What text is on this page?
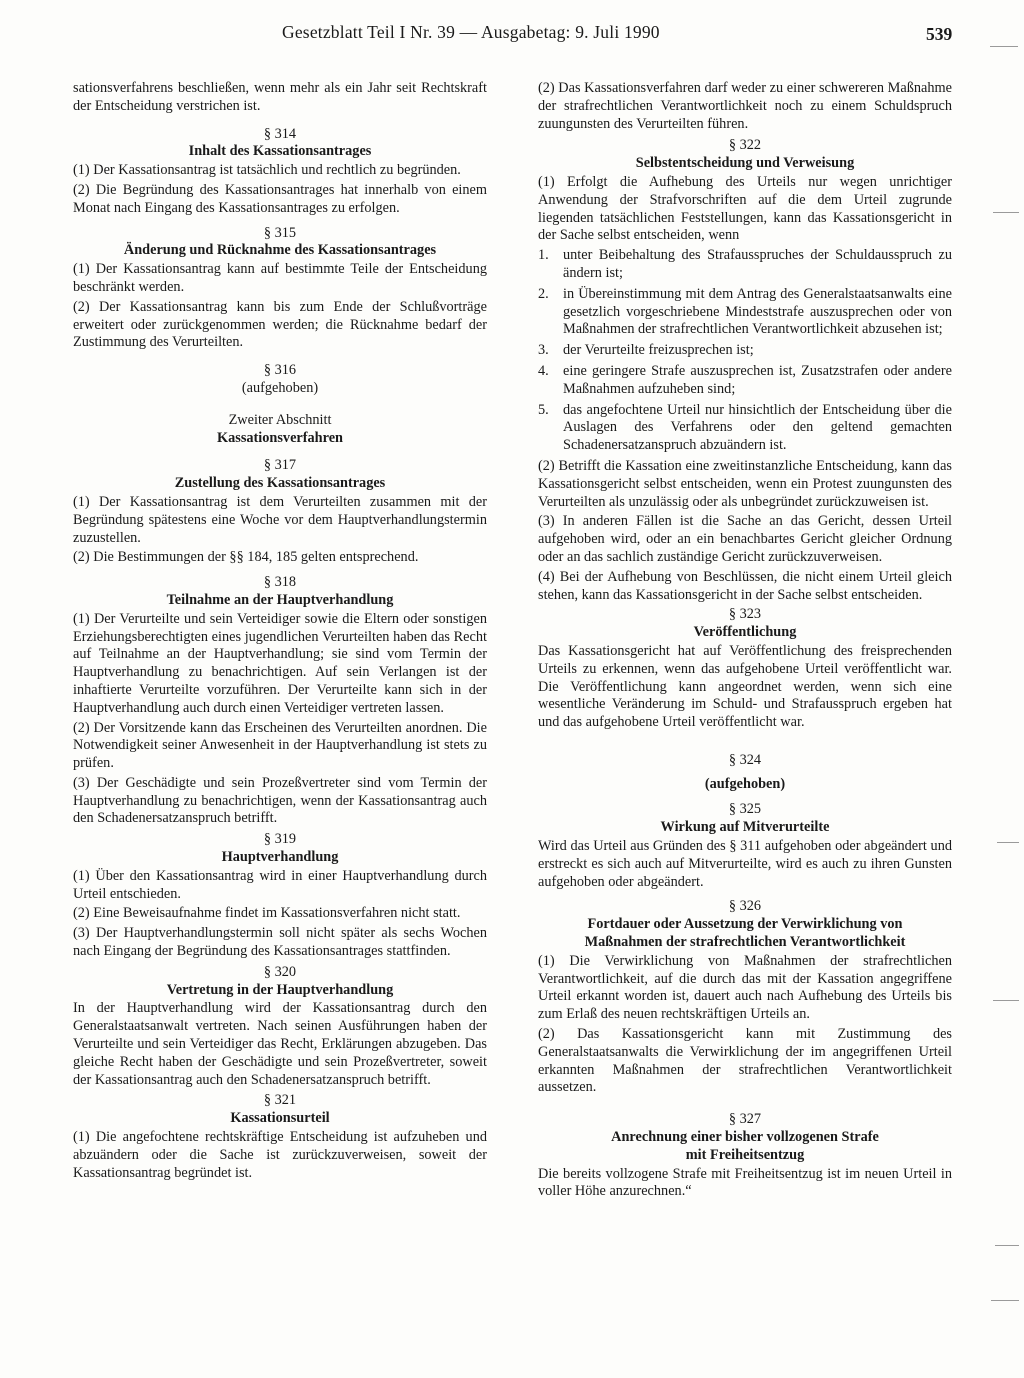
Gesetzblatt Teil I Nr. 39 — Ausgabetag: 9. Juli 1990	539

sationsverfahrens beschließen, wenn mehr als ein Jahr seit Rechtskraft der Entscheidung verstrichen ist.

§ 314
Inhalt des Kassationsantrages

(1) Der Kassationsantrag ist tatsächlich und rechtlich zu begründen.

(2) Die Begründung des Kassationsantrages hat innerhalb von einem Monat nach Eingang des Kassationsantrages zu erfolgen.

§ 315
Änderung und Rücknahme des Kassationsantrages

(1) Der Kassationsantrag kann auf bestimmte Teile der Entscheidung beschränkt werden.

(2) Der Kassationsantrag kann bis zum Ende der Schlußvorträge erweitert oder zurückgenommen werden; die Rücknahme bedarf der Zustimmung des Verurteilten.

§ 316
(aufgehoben)
Zweiter Abschnitt
Kassationsverfahren
§ 317
Zustellung des Kassationsantrages

(1) Der Kassationsantrag ist dem Verurteilten zusammen mit der Begründung spätestens eine Woche vor dem Hauptverhandlungstermin zuzustellen.

(2) Die Bestimmungen der §§ 184, 185 gelten entsprechend.

§ 318
Teilnahme an der Hauptverhandlung

(1) Der Verurteilte und sein Verteidiger sowie die Eltern oder sonstigen Erziehungsberechtigten eines jugendlichen Verurteilten haben das Recht auf Teilnahme an der Hauptverhandlung; sie sind vom Termin der Hauptverhandlung zu benachrichtigen. Auf sein Verlangen ist der inhaftierte Verurteilte vorzuführen. Der Verurteilte kann sich in der Hauptverhandlung auch durch einen Verteidiger vertreten lassen.

(2) Der Vorsitzende kann das Erscheinen des Verurteilten anordnen. Die Notwendigkeit seiner Anwesenheit in der Hauptverhandlung ist stets zu prüfen.

(3) Der Geschädigte und sein Prozeßvertreter sind vom Termin der Hauptverhandlung zu benachrichtigen, wenn der Kassationsantrag auch den Schadenersatzanspruch betrifft.

§ 319
Hauptverhandlung

(1) Über den Kassationsantrag wird in einer Hauptverhandlung durch Urteil entschieden.

(2) Eine Beweisaufnahme findet im Kassationsverfahren nicht statt.

(3) Der Hauptverhandlungstermin soll nicht später als sechs Wochen nach Eingang der Begründung des Kassationsantrages stattfinden.

§ 320
Vertretung in der Hauptverhandlung

In der Hauptverhandlung wird der Kassationsantrag durch den Generalstaatsanwalt vertreten. Nach seinen Ausführungen haben der Verurteilte und sein Verteidiger das Recht, Erklärungen abzugeben. Das gleiche Recht haben der Geschädigte und sein Prozeßvertreter, soweit der Kassationsantrag auch den Schadenersatzanspruch betrifft.

§ 321
Kassationsurteil

(1) Die angefochtene rechtskräftige Entscheidung ist aufzuheben und abzuändern oder die Sache ist zurückzuverweisen, soweit der Kassationsantrag begründet ist.

(2) Das Kassationsverfahren darf weder zu einer schwereren Maßnahme der strafrechtlichen Verantwortlichkeit noch zu einem Schuldspruch zuungunsten des Verurteilten führen.

§ 322
Selbstentscheidung und Verweisung

(1) Erfolgt die Aufhebung des Urteils nur wegen unrichtiger Anwendung der Strafvorschriften auf die dem Urteil zugrunde liegenden tatsächlichen Feststellungen, kann das Kassationsgericht in der Sache selbst entscheiden, wenn

1. unter Beibehaltung des Strafausspruches der Schuldausspruch zu ändern ist;
2. in Übereinstimmung mit dem Antrag des Generalstaatsanwalts eine gesetzlich vorgeschriebene Mindeststrafe auszusprechen oder von Maßnahmen der strafrechtlichen Verantwortlichkeit abzusehen ist;
3. der Verurteilte freizusprechen ist;
4. eine geringere Strafe auszusprechen ist, Zusatzstrafen oder andere Maßnahmen aufzuheben sind;
5. das angefochtene Urteil nur hinsichtlich der Entscheidung über die Auslagen des Verfahrens oder den geltend gemachten Schadenersatzanspruch abzuändern ist.

(2) Betrifft die Kassation eine zweitinstanzliche Entscheidung, kann das Kassationsgericht selbst entscheiden, wenn ein Protest zuungunsten des Verurteilten als unzulässig oder als unbegründet zurückzuweisen ist.

(3) In anderen Fällen ist die Sache an das Gericht, dessen Urteil aufgehoben wird, oder an ein benachbartes Gericht gleicher Ordnung oder an das sachlich zuständige Gericht zurückzuverweisen.

(4) Bei der Aufhebung von Beschlüssen, die nicht einem Urteil gleich stehen, kann das Kassationsgericht in der Sache selbst entscheiden.

§ 323
Veröffentlichung

Das Kassationsgericht hat auf Veröffentlichung des freisprechenden Urteils zu erkennen, wenn das aufgehobene Urteil veröffentlicht war. Die Veröffentlichung kann angeordnet werden, wenn sich eine wesentliche Veränderung im Schuld- und Strafausspruch ergeben hat und das aufgehobene Urteil veröffentlicht war.

§ 324
(aufgehoben)
§ 325
Wirkung auf Mitverurteilte

Wird das Urteil aus Gründen des § 311 aufgehoben oder abgeändert und erstreckt es sich auch auf Mitverurteilte, wird es auch zu ihren Gunsten aufgehoben oder abgeändert.

§ 326
Fortdauer oder Aussetzung der Verwirklichung von
Maßnahmen der strafrechtlichen Verantwortlichkeit

(1) Die Verwirklichung von Maßnahmen der strafrechtlichen Verantwortlichkeit, auf die durch das mit der Kassation angegriffene Urteil erkannt worden ist, dauert auch nach Aufhebung des Urteils bis zum Erlaß des neuen rechtskräftigen Urteils an.

(2) Das Kassationsgericht kann mit Zustimmung des Generalstaatsanwalts die Verwirklichung der im angegriffenen Urteil erkannten Maßnahmen der strafrechtlichen Verantwortlichkeit aussetzen.

§ 327
Anrechnung einer bisher vollzogenen Strafe
mit Freiheitsentzug

Die bereits vollzogene Strafe mit Freiheitsentzug ist im neuen Urteil in voller Höhe anzurechnen.“
